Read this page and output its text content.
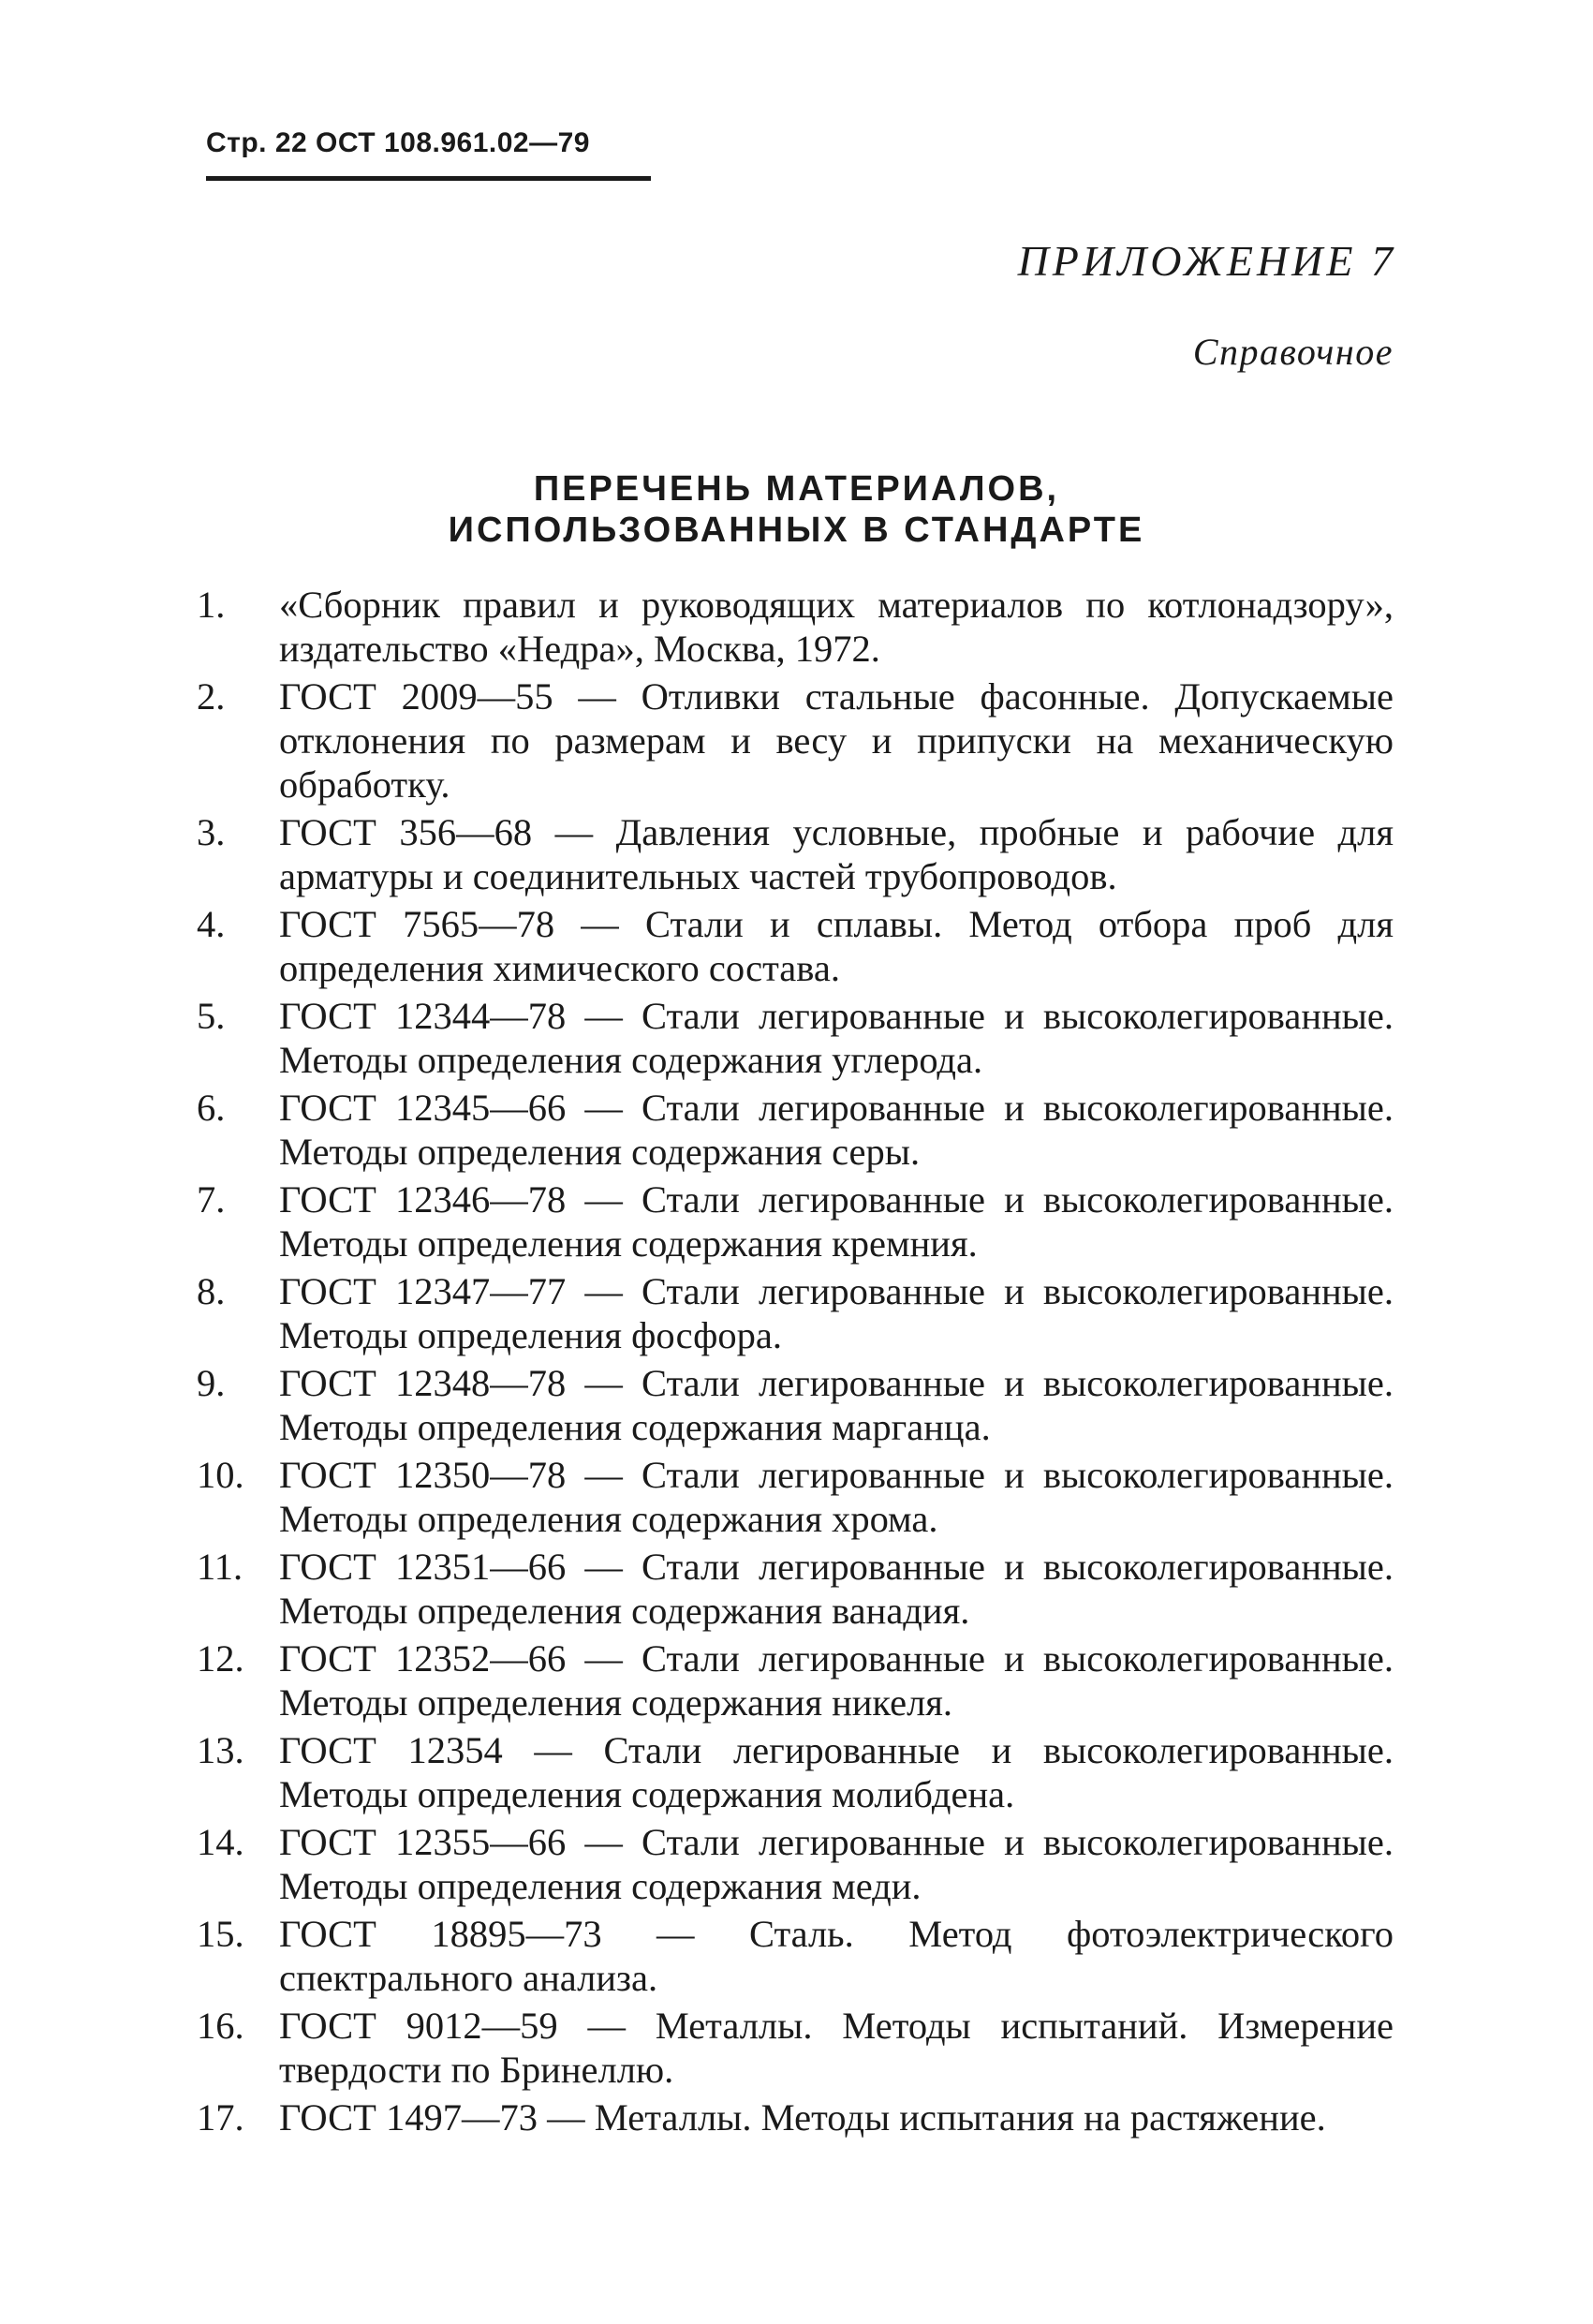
Стр. 22 ОСТ 108.961.02—79
ПРИЛОЖЕНИЕ 7
Справочное
ПЕРЕЧЕНЬ МАТЕРИАЛОВ,
ИСПОЛЬЗОВАННЫХ В СТАНДАРТЕ
1. «Сборник правил и руководящих материалов по котлонадзору», издательство «Недра», Москва, 1972.
2. ГОСТ 2009—55 — Отливки стальные фасонные. Допускаемые отклонения по размерам и весу и припуски на механическую обработку.
3. ГОСТ 356—68 — Давления условные, пробные и рабочие для арматуры и соединительных частей трубопроводов.
4. ГОСТ 7565—78 — Стали и сплавы. Метод отбора проб для определения химического состава.
5. ГОСТ 12344—78 — Стали легированные и высоколегированные. Методы определения содержания углерода.
6. ГОСТ 12345—66 — Стали легированные и высоколегированные. Методы определения содержания серы.
7. ГОСТ 12346—78 — Стали легированные и высоколегированные. Методы определения содержания кремния.
8. ГОСТ 12347—77 — Стали легированные и высоколегированные. Методы определения фосфора.
9. ГОСТ 12348—78 — Стали легированные и высоколегированные. Методы определения содержания марганца.
10. ГОСТ 12350—78 — Стали легированные и высоколегированные. Методы определения содержания хрома.
11. ГОСТ 12351—66 — Стали легированные и высоколегированные. Методы определения содержания ванадия.
12. ГОСТ 12352—66 — Стали легированные и высоколегированные. Методы определения содержания никеля.
13. ГОСТ 12354 — Стали легированные и высоколегированные. Методы определения содержания молибдена.
14. ГОСТ 12355—66 — Стали легированные и высоколегированные. Методы определения содержания меди.
15. ГОСТ 18895—73 — Сталь. Метод фотоэлектрического спектрального анализа.
16. ГОСТ 9012—59 — Металлы. Методы испытаний. Измерение твердости по Бринеллю.
17. ГОСТ 1497—73 — Металлы. Методы испытания на растяжение.
